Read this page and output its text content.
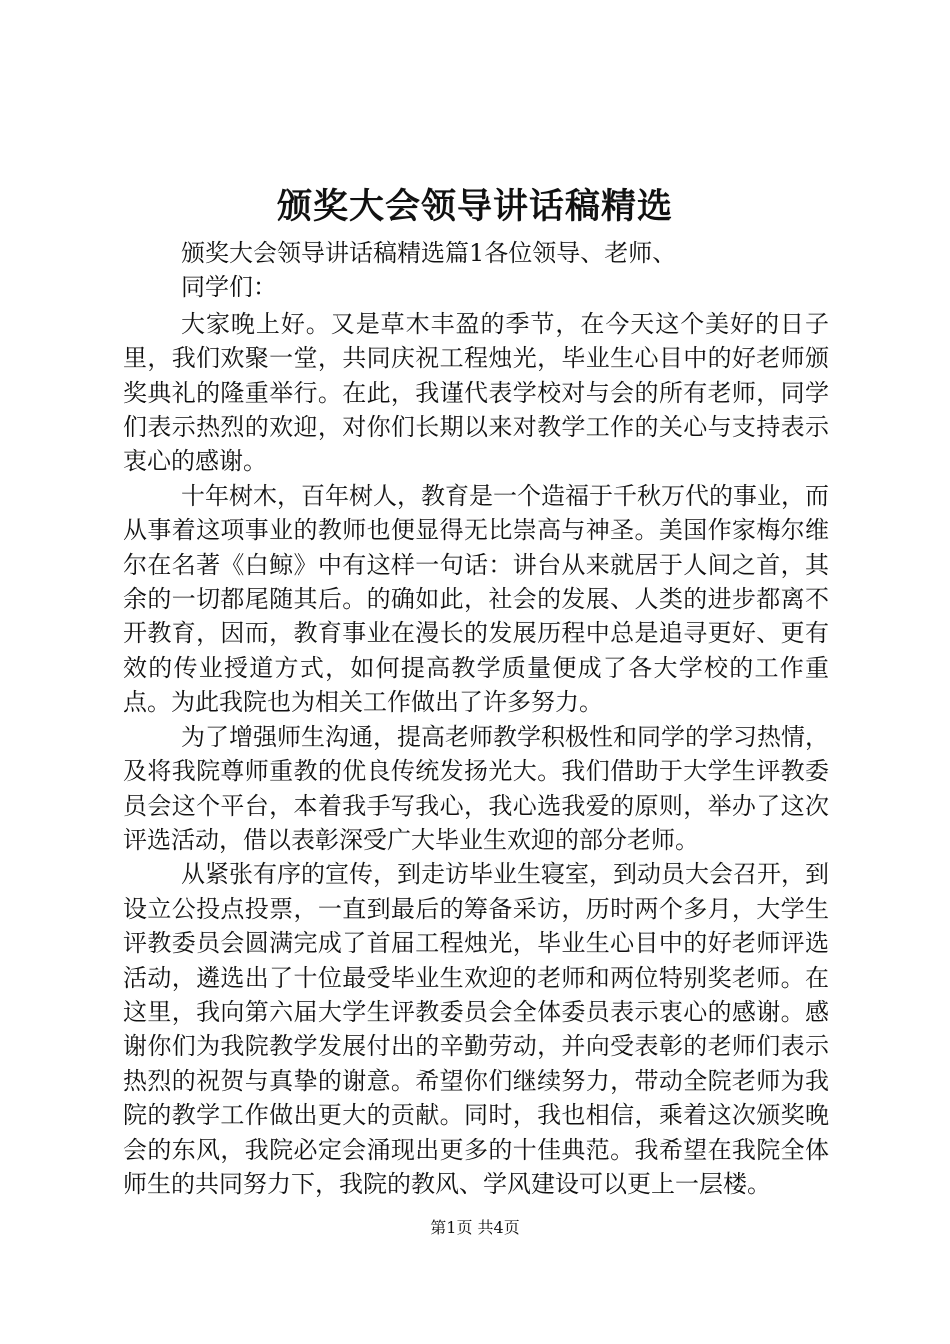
颁奖大会领导讲话稿精选

颁奖大会领导讲话稿精选篇1各位领导、老师、

同学们：

大家晚上好。又是草木丰盈的季节，在今天这个美好的日子里，我们欢聚一堂，共同庆祝工程烛光，毕业生心目中的好老师颁奖典礼的隆重举行。在此，我谨代表学校对与会的所有老师，同学们表示热烈的欢迎，对你们长期以来对教学工作的关心与支持表示衷心的感谢。

十年树木，百年树人，教育是一个造福于千秋万代的事业，而从事着这项事业的教师也便显得无比崇高与神圣。美国作家梅尔维尔在名著《白鲸》中有这样一句话：讲台从来就居于人间之首，其余的一切都尾随其后。的确如此，社会的发展、人类的进步都离不开教育，因而，教育事业在漫长的发展历程中总是追寻更好、更有效的传业授道方式，如何提高教学质量便成了各大学校的工作重点。为此我院也为相关工作做出了许多努力。

为了增强师生沟通，提高老师教学积极性和同学的学习热情，及将我院尊师重教的优良传统发扬光大。我们借助于大学生评教委员会这个平台，本着我手写我心，我心选我爱的原则，举办了这次评选活动，借以表彰深受广大毕业生欢迎的部分老师。

从紧张有序的宣传，到走访毕业生寝室，到动员大会召开，到设立公投点投票，一直到最后的筹备采访，历时两个多月，大学生评教委员会圆满完成了首届工程烛光，毕业生心目中的好老师评选活动，遴选出了十位最受毕业生欢迎的老师和两位特别奖老师。在这里，我向第六届大学生评教委员会全体委员表示衷心的感谢。感谢你们为我院教学发展付出的辛勤劳动，并向受表彰的老师们表示热烈的祝贺与真挚的谢意。希望你们继续努力，带动全院老师为我院的教学工作做出更大的贡献。同时，我也相信，乘着这次颁奖晚会的东风，我院必定会涌现出更多的十佳典范。我希望在我院全体师生的共同努力下，我院的教风、学风建设可以更上一层楼。

第1页 共4页
